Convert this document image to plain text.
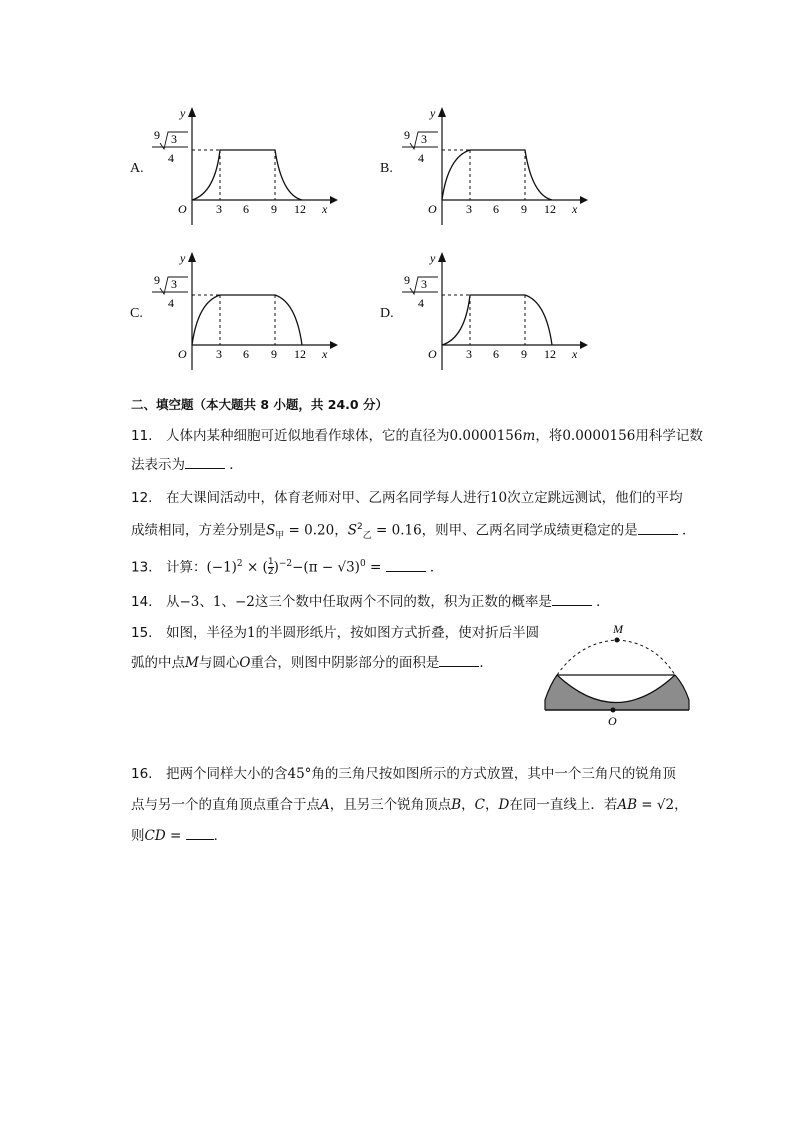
A.
9 3
4
O 3 6 9 12 x
y
B.
9 3
4
O 3 6 9 12 x
y
C.
9 3
4
O 3 6 9 12 x
y
D.
9 3
4
O 3 6 9 12 x
y
二、填空题（本大题共 8 小题，共 24.0 分）
11.　人体内某种细胞可近似地看作球体，它的直径为0.0000156m，将0.0000156用科学记数
法表示为	．
12.　在大课间活动中，体育老师对甲、乙两名同学每人进行10次立定跳远测试，他们的平均
成绩相同，方差分别是$S_甲 = 0.20$，$S^2_乙 = 0.16$，则甲、乙两名同学成绩更稳定的是	．
13.　计算：$(-1)^2$ × ( $\frac{1}{2} )^{-2}-(\pi - √3)^0$ =	．
14.　从−3、1、−2这三个数中任取两个不同的数，积为正数的概率是	．
15.　如图，半径为1的半圆形纸片，按如图方式折叠，使对折后半圆
弧的中点M与圆心O重合，则图中阴影部分的面积是	．
M
O
16.　把两个同样大小的含45°角的三角尺按如图所示的方式放置，其中一个三角尺的锐角顶
点与另一个的直角顶点重合于点A，且另三个锐角顶点B，C，D在同一直线上．若AB = √2，
则CD = ．
